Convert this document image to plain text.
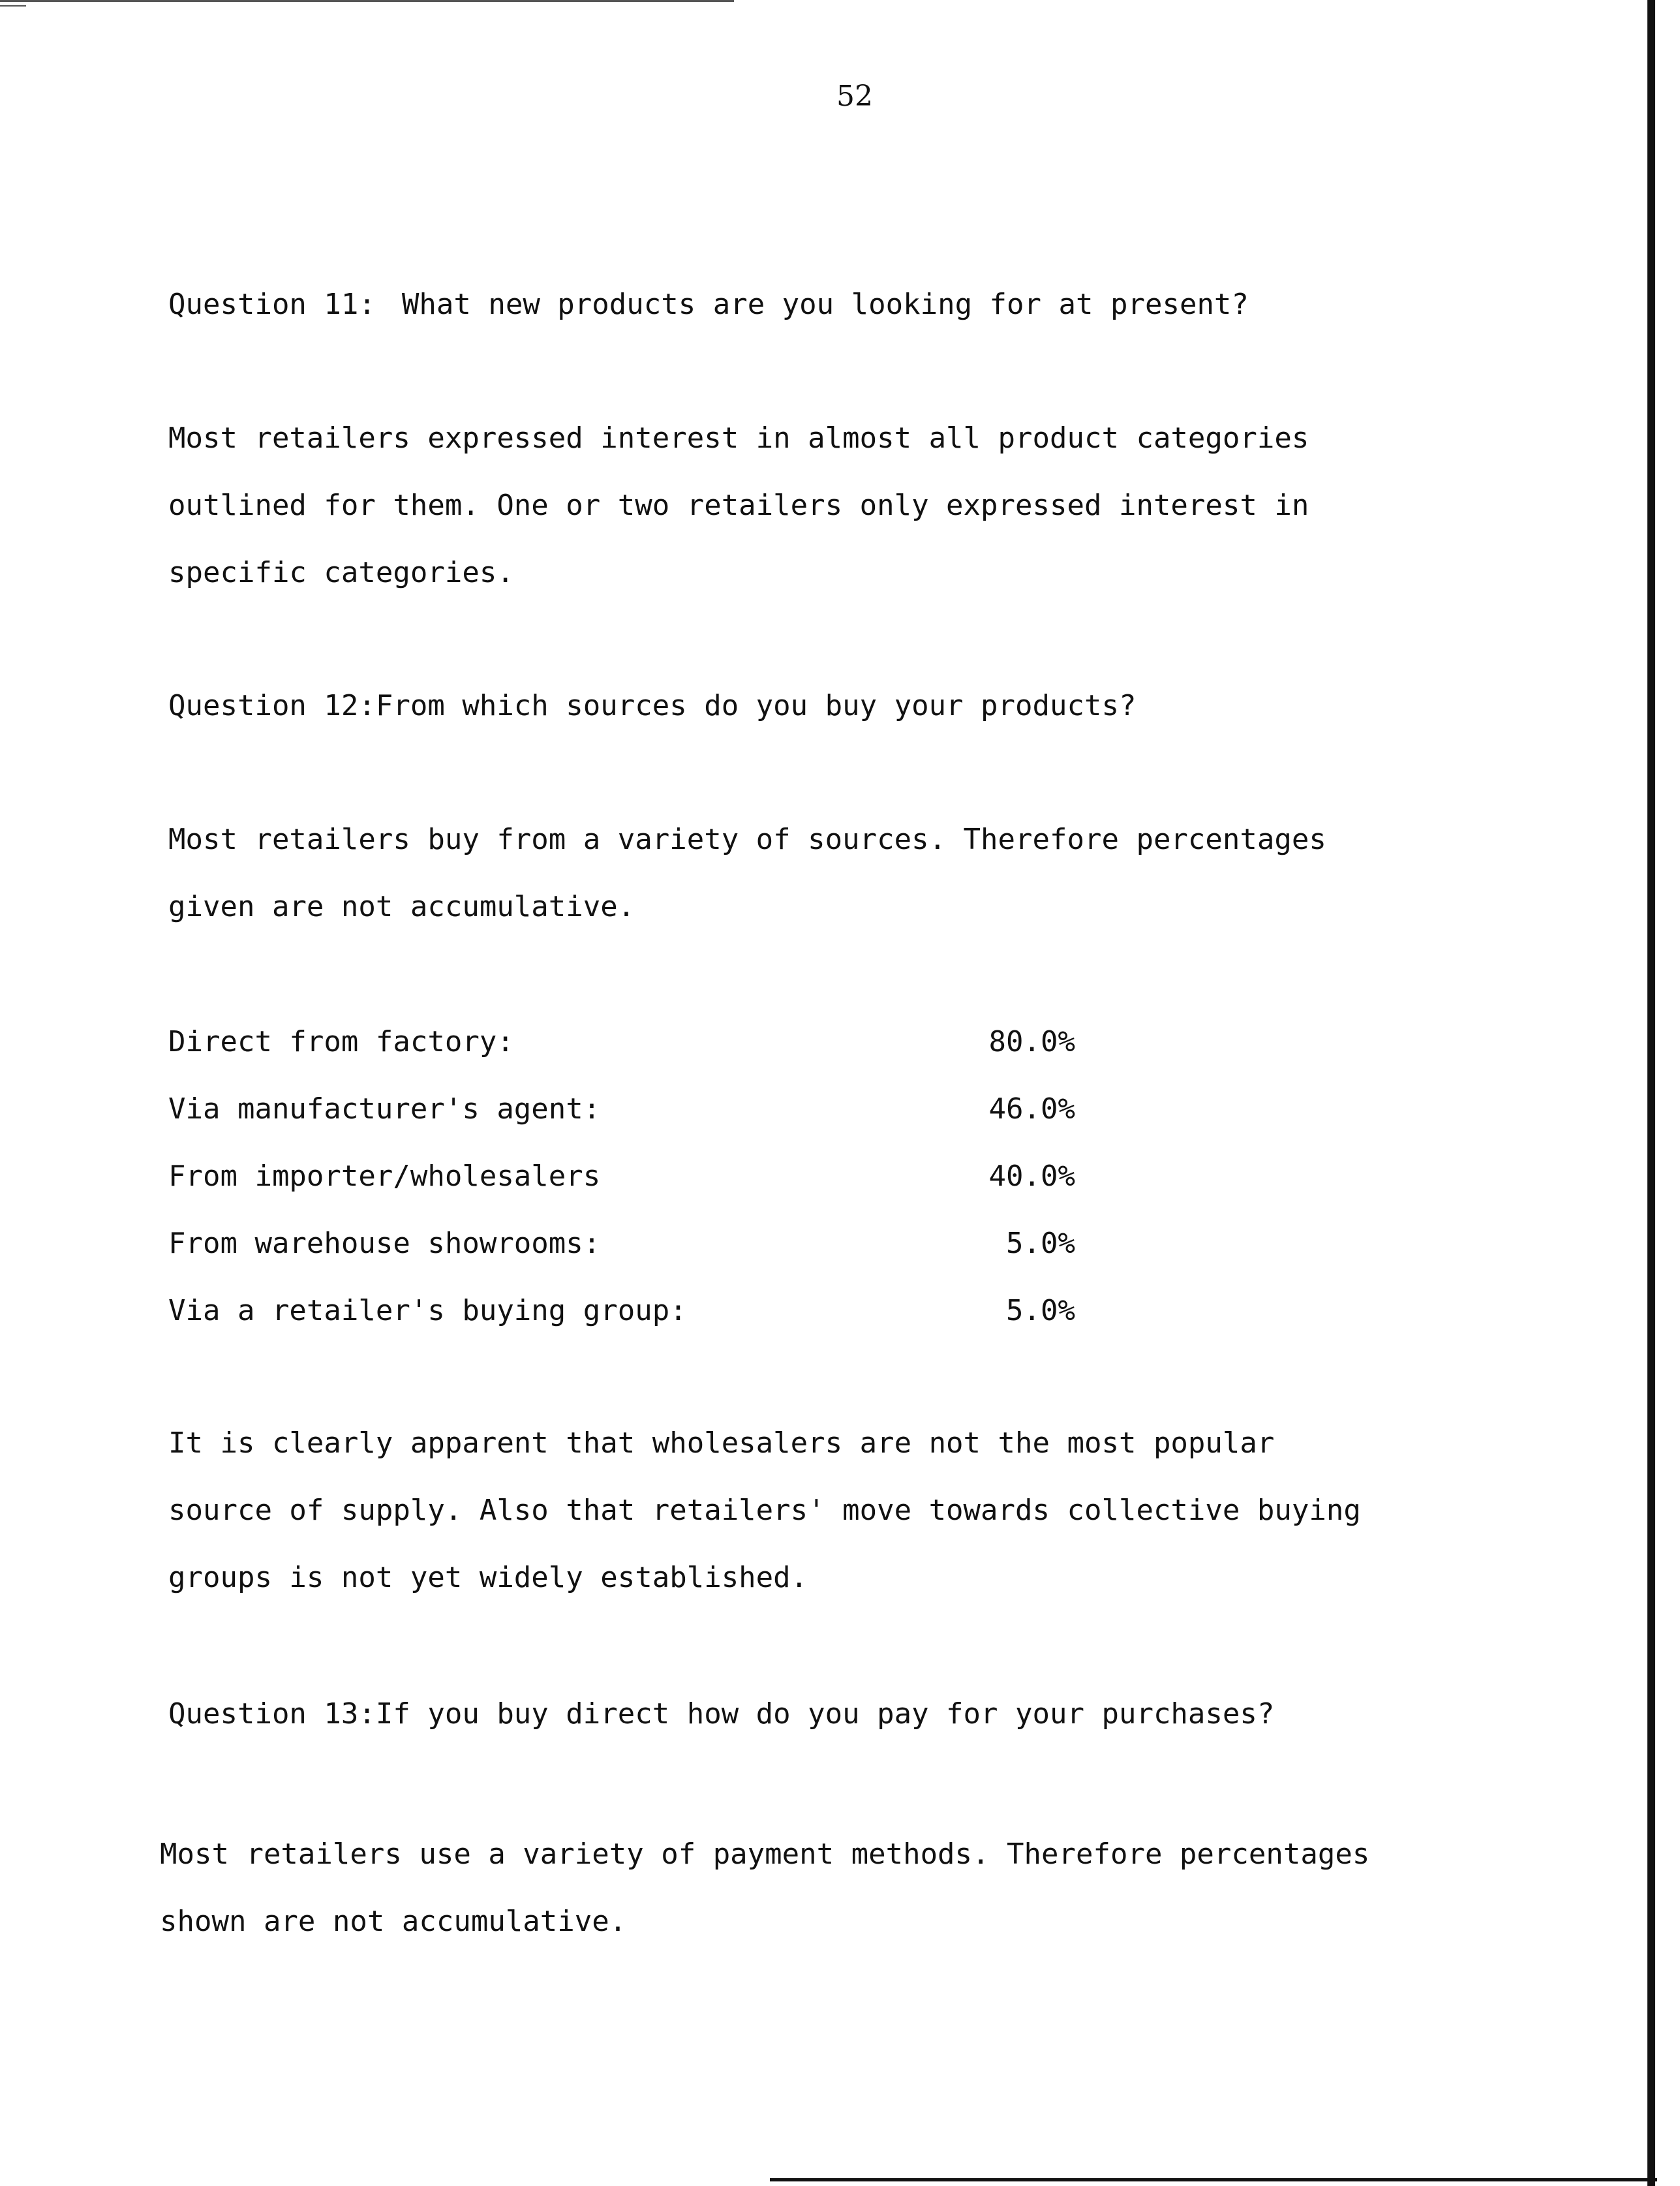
52
Question 11: What new products are you looking for at present?
Most retailers expressed interest in almost all product categories
outlined for them. One or two retailers only expressed interest in
specific categories.
Question 12:From which sources do you buy your products?
Most retailers buy from a variety of sources. Therefore percentages
given are not accumulative.
Direct from factory:	80.0%
Via manufacturer's agent:	46.0%
From importer/wholesalers	40.0%
From warehouse showrooms:	5.0%
Via a retailer's buying group:	5.0%
It is clearly apparent that wholesalers are not the most popular
source of supply. Also that retailers' move towards collective buying
groups is not yet widely established.
Question 13:If you buy direct how do you pay for your purchases?
Most retailers use a variety of payment methods. Therefore percentages
shown are not accumulative.
